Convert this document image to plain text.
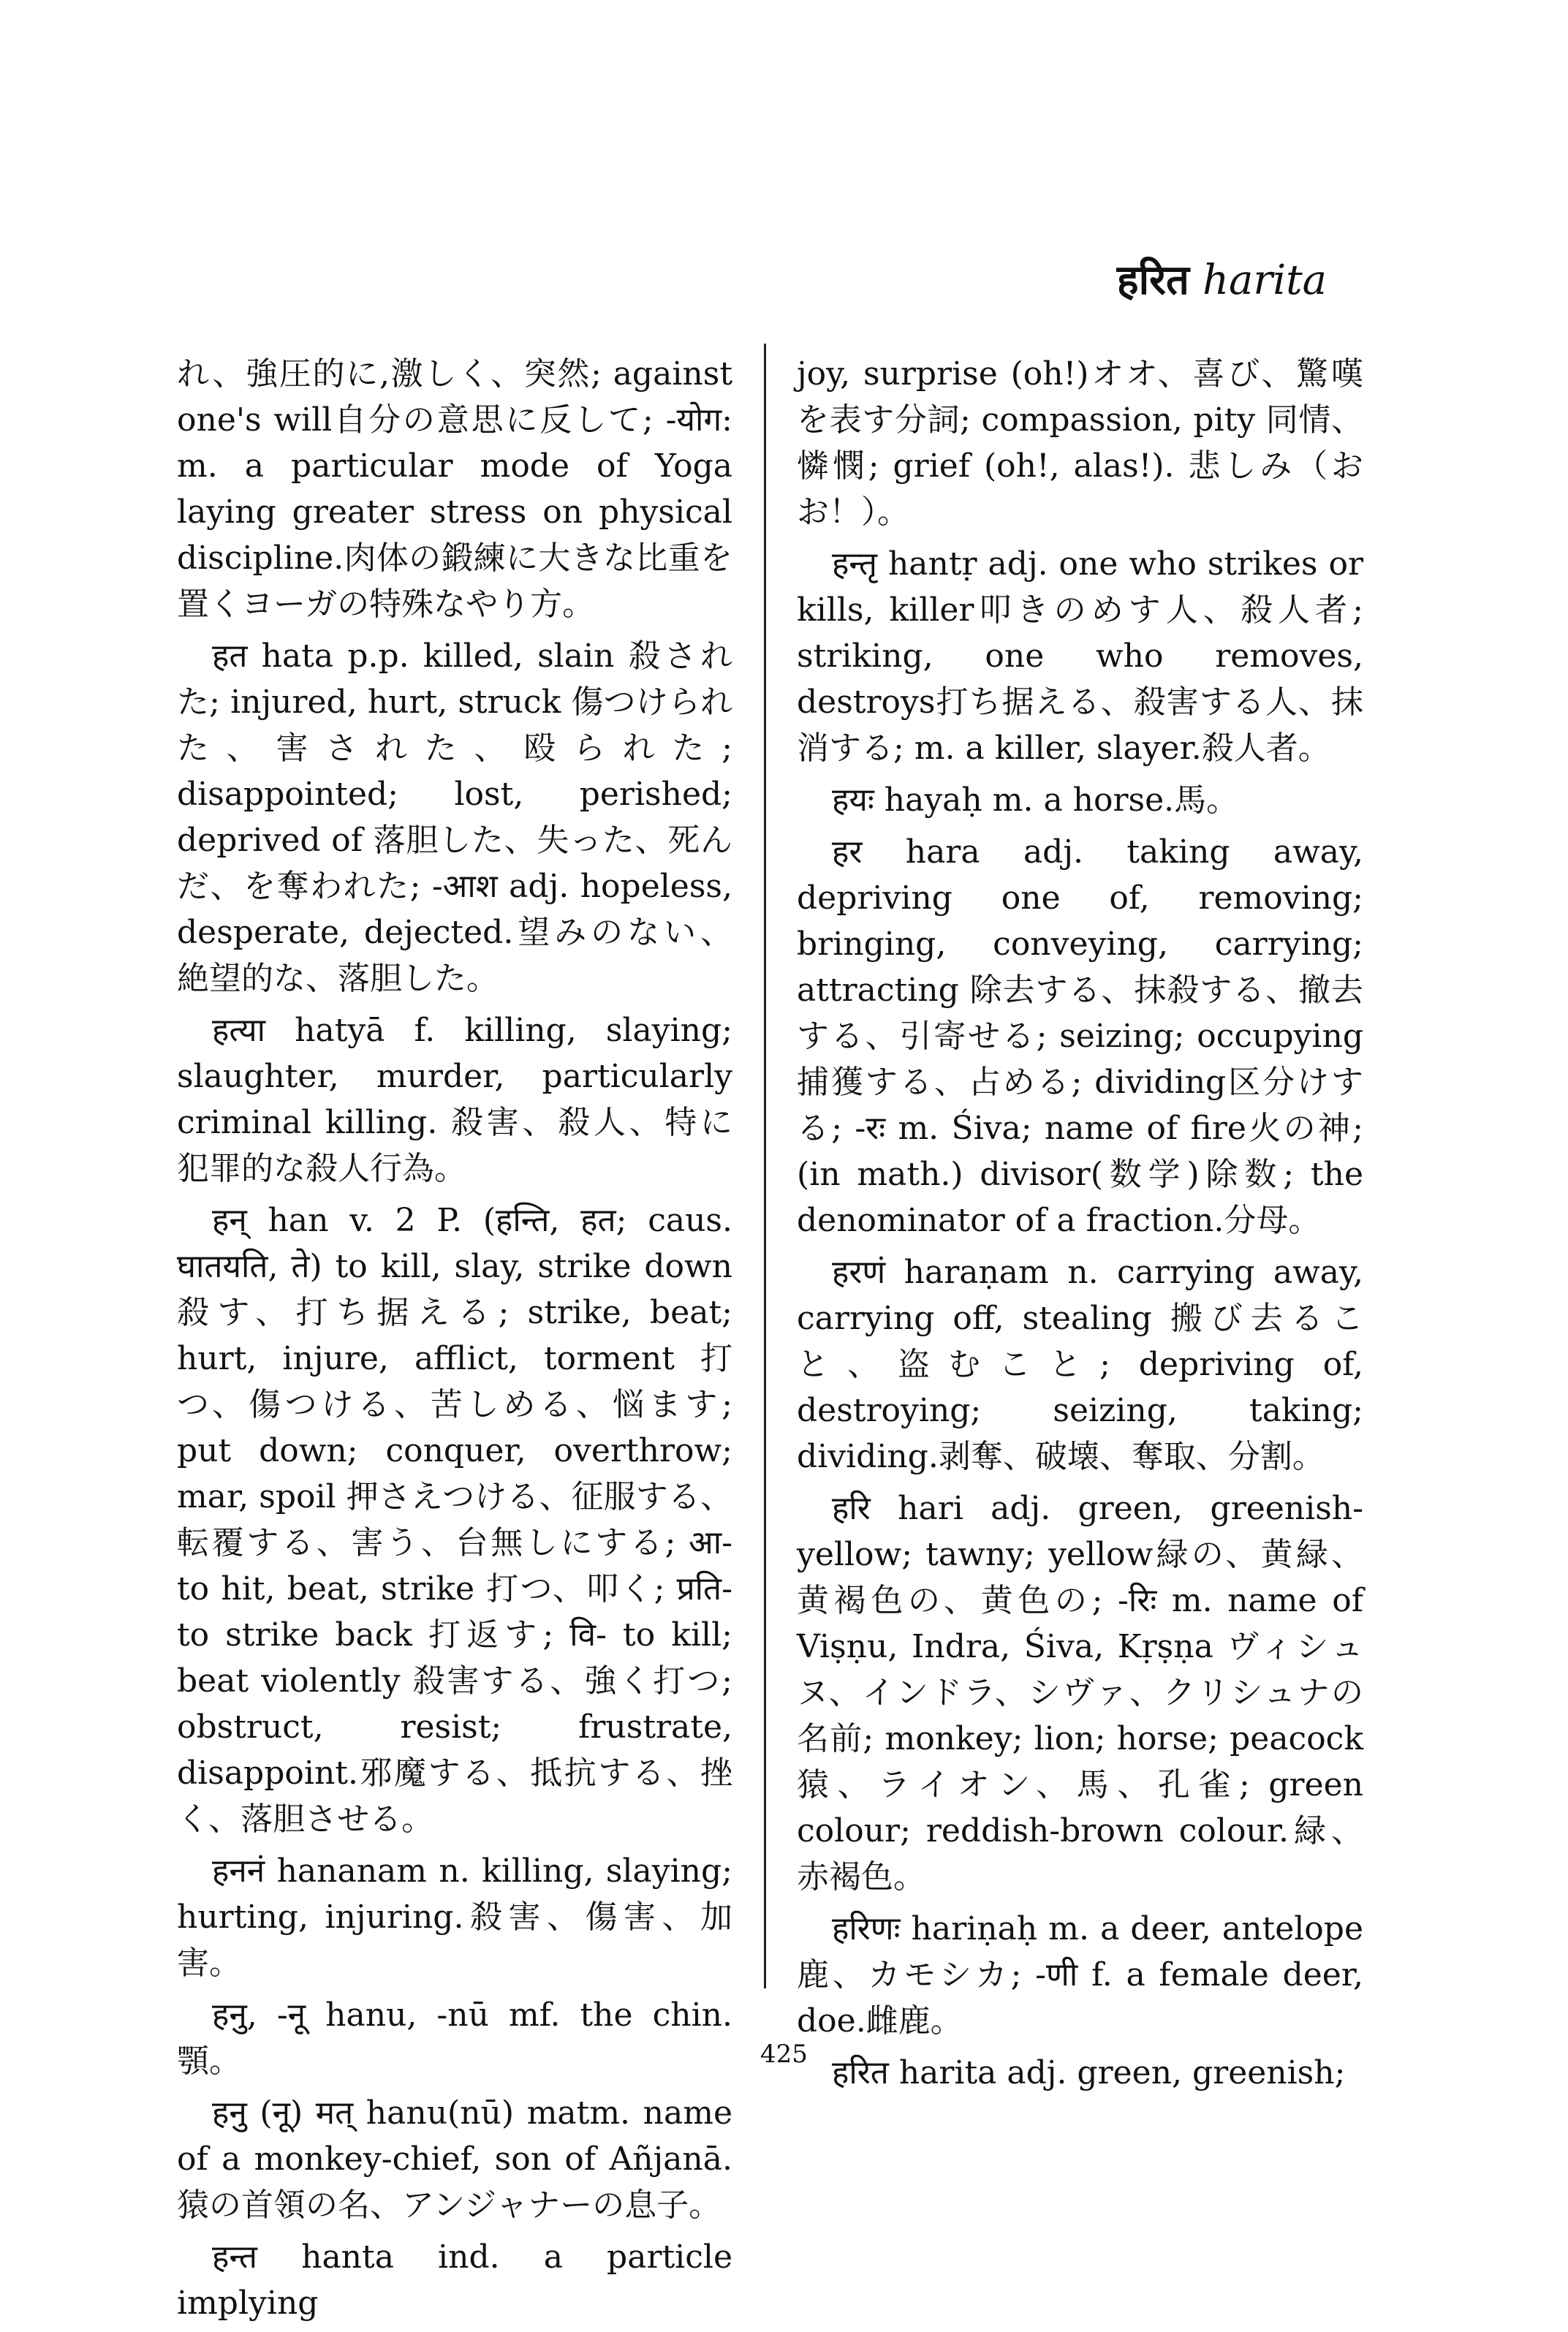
हरित harita

れ、強圧的に,激しく、突然; against one's will自分の意思に反して; -योग: m. a particular mode of Yoga laying greater stress on physical discipline.肉体の鍛練に大きな比重を置くヨーガの特殊なやり方。

हत hata p.p. killed, slain 殺された; injured, hurt, struck 傷つけられた、害された、殴られた; disappointed; lost, perished; deprived of 落胆した、失った、死んだ、を奪われた; -आश adj. hopeless, desperate, dejected.望みのない、絶望的な、落胆した。

हत्या hatyā f. killing, slaying; slaughter, murder, particularly criminal killing. 殺害、殺人、特に犯罪的な殺人行為。

हन् han v. 2 P. (हन्ति, हत; caus. घातयति, ते) to kill, slay, strike down 殺す、打ち据える; strike, beat; hurt, injure, afflict, torment 打つ、傷つける、苦しめる、悩ます; put down; conquer, overthrow; mar, spoil 押さえつける、征服する、転覆する、害う、台無しにする; आ- to hit, beat, strike 打つ、叩く; प्रति- to strike back 打返す; वि- to kill; beat violently 殺害する、強く打つ; obstruct, resist; frustrate, disappoint.邪魔する、抵抗する、挫く、落胆させる。

हननं hananam n. killing, slaying; hurting, injuring.殺害、傷害、加害。

हनु, -नू hanu, -nū mf. the chin.顎。

हनु (नू) मत् hanu(nū) matm. name of a monkey-chief, son of Añjanā. 猿の首領の名、アンジャナーの息子。

हन्त hanta ind. a particle implying

joy, surprise (oh!)オオ、喜び、驚嘆を表す分詞; compassion, pity 同情、憐憫; grief (oh!, alas!). 悲しみ（おお！）。

हन्तृ hantṛ adj. one who strikes or kills, killer叩きのめす人、殺人者; striking, one who removes, destroys打ち据える、殺害する人、抹消する; m. a killer, slayer.殺人者。

हयः hayaḥ m. a horse.馬。

हर hara adj. taking away, depriving one of, removing; bringing, conveying, carrying; attracting 除去する、抹殺する、撤去する、引寄せる; seizing; occupying捕獲する、占める; dividing区分けする; -रः m. Śiva; name of fire火の神; (in math.) divisor(数学)除数; the denominator of a fraction.分母。

हरणं haraṇam n. carrying away, carrying off, stealing 搬び去ること、盗むこと; depriving of, destroying; seizing, taking; dividing.剥奪、破壊、奪取、分割。

हरि hari adj. green, greenish-yellow; tawny; yellow緑の、黄緑、黄褐色の、黄色の; -रिः m. name of Viṣṇu, Indra, Śiva, Kṛṣṇa ヴィシュヌ、インドラ、シヴァ、クリシュナの名前; monkey; lion; horse; peacock猿、ライオン、馬、孔雀; green colour; reddish-brown colour.緑、赤褐色。

हरिणः hariṇaḥ m. a deer, antelope 鹿、カモシカ; -णी f. a female deer, doe.雌鹿。

हरित harita adj. green, greenish;

425
